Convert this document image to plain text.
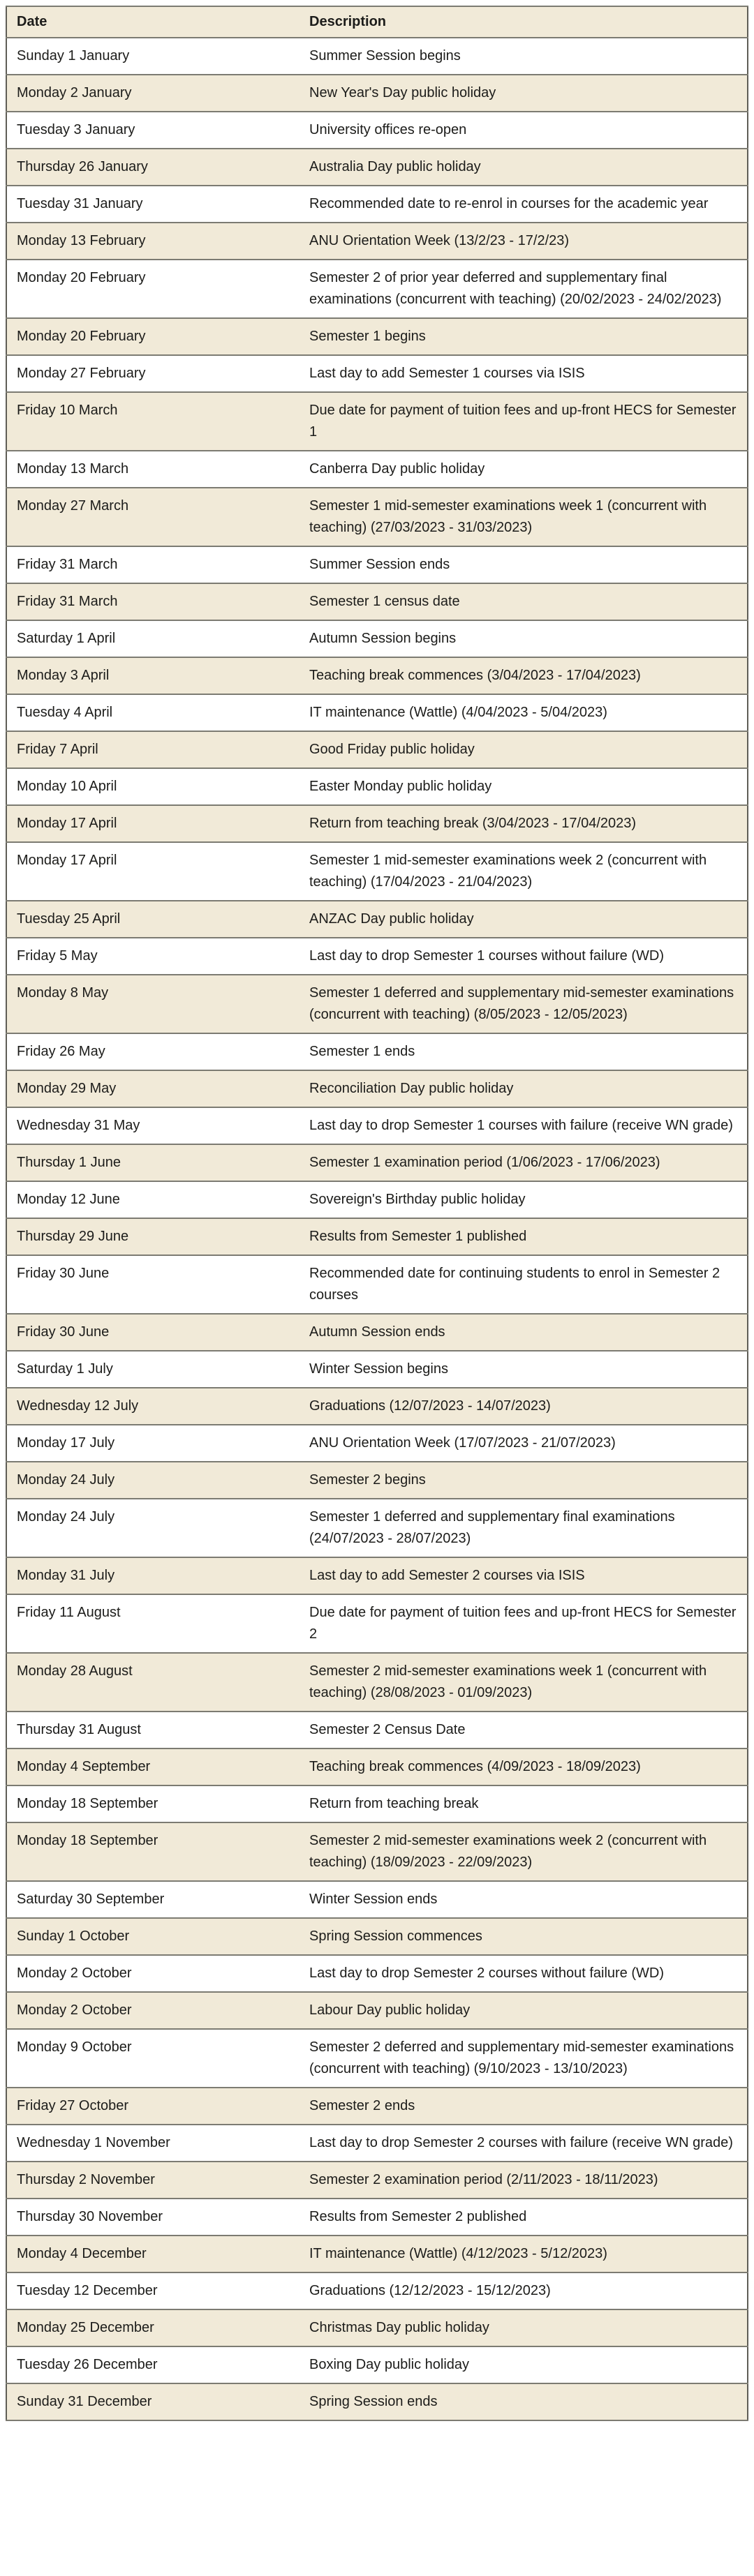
Date	Description
Sunday 1 January	Summer Session begins
Monday 2 January	New Year's Day public holiday
Tuesday 3 January	University offices re-open
Thursday 26 January	Australia Day public holiday
Tuesday 31 January	Recommended date to re-enrol in courses for the academic year
Monday 13 February	ANU Orientation Week (13/2/23 - 17/2/23)
Monday 20 February	Semester 2 of prior year deferred and supplementary final examinations (concurrent with teaching) (20/02/2023 - 24/02/2023)
Monday 20 February	Semester 1 begins
Monday 27 February	Last day to add Semester 1 courses via ISIS
Friday 10 March	Due date for payment of tuition fees and up-front HECS for Semester 1
Monday 13 March	Canberra Day public holiday
Monday 27 March	Semester 1 mid-semester examinations week 1 (concurrent with teaching) (27/03/2023 - 31/03/2023)
Friday 31 March	Summer Session ends
Friday 31 March	Semester 1 census date
Saturday 1 April	Autumn Session begins
Monday 3 April	Teaching break commences (3/04/2023 - 17/04/2023)
Tuesday 4 April	IT maintenance (Wattle) (4/04/2023 - 5/04/2023)
Friday 7 April	Good Friday public holiday
Monday 10 April	Easter Monday public holiday
Monday 17 April	Return from teaching break (3/04/2023 - 17/04/2023)
Monday 17 April	Semester 1 mid-semester examinations week 2 (concurrent with teaching) (17/04/2023 - 21/04/2023)
Tuesday 25 April	ANZAC Day public holiday
Friday 5 May	Last day to drop Semester 1 courses without failure (WD)
Monday 8 May	Semester 1 deferred and supplementary mid-semester examinations (concurrent with teaching) (8/05/2023 - 12/05/2023)
Friday 26 May	Semester 1 ends
Monday 29 May	Reconciliation Day public holiday
Wednesday 31 May	Last day to drop Semester 1 courses with failure (receive WN grade)
Thursday 1 June	Semester 1 examination period (1/06/2023 - 17/06/2023)
Monday 12 June	Sovereign's Birthday public holiday
Thursday 29 June	Results from Semester 1 published
Friday 30 June	Recommended date for continuing students to enrol in Semester 2 courses
Friday 30 June	Autumn Session ends
Saturday 1 July	Winter Session begins
Wednesday 12 July	Graduations (12/07/2023 - 14/07/2023)
Monday 17 July	ANU Orientation Week (17/07/2023 - 21/07/2023)
Monday 24 July	Semester 2 begins
Monday 24 July	Semester 1 deferred and supplementary final examinations (24/07/2023 - 28/07/2023)
Monday 31 July	Last day to add Semester 2 courses via ISIS
Friday 11 August	Due date for payment of tuition fees and up-front HECS for Semester 2
Monday 28 August	Semester 2 mid-semester examinations week 1 (concurrent with teaching) (28/08/2023 - 01/09/2023)
Thursday 31 August	Semester 2 Census Date
Monday 4 September	Teaching break commences (4/09/2023 - 18/09/2023)
Monday 18 September	Return from teaching break
Monday 18 September	Semester 2 mid-semester examinations week 2 (concurrent with teaching) (18/09/2023 - 22/09/2023)
Saturday 30 September	Winter Session ends
Sunday 1 October	Spring Session commences
Monday 2 October	Last day to drop Semester 2 courses without failure (WD)
Monday 2 October	Labour Day public holiday
Monday 9 October	Semester 2 deferred and supplementary mid-semester examinations (concurrent with teaching) (9/10/2023 - 13/10/2023)
Friday 27 October	Semester 2 ends
Wednesday 1 November	Last day to drop Semester 2 courses with failure (receive WN grade)
Thursday 2 November	Semester 2 examination period (2/11/2023 - 18/11/2023)
Thursday 30 November	Results from Semester 2 published
Monday 4 December	IT maintenance (Wattle) (4/12/2023 - 5/12/2023)
Tuesday 12 December	Graduations (12/12/2023 - 15/12/2023)
Monday 25 December	Christmas Day public holiday
Tuesday 26 December	Boxing Day public holiday
Sunday 31 December	Spring Session ends
